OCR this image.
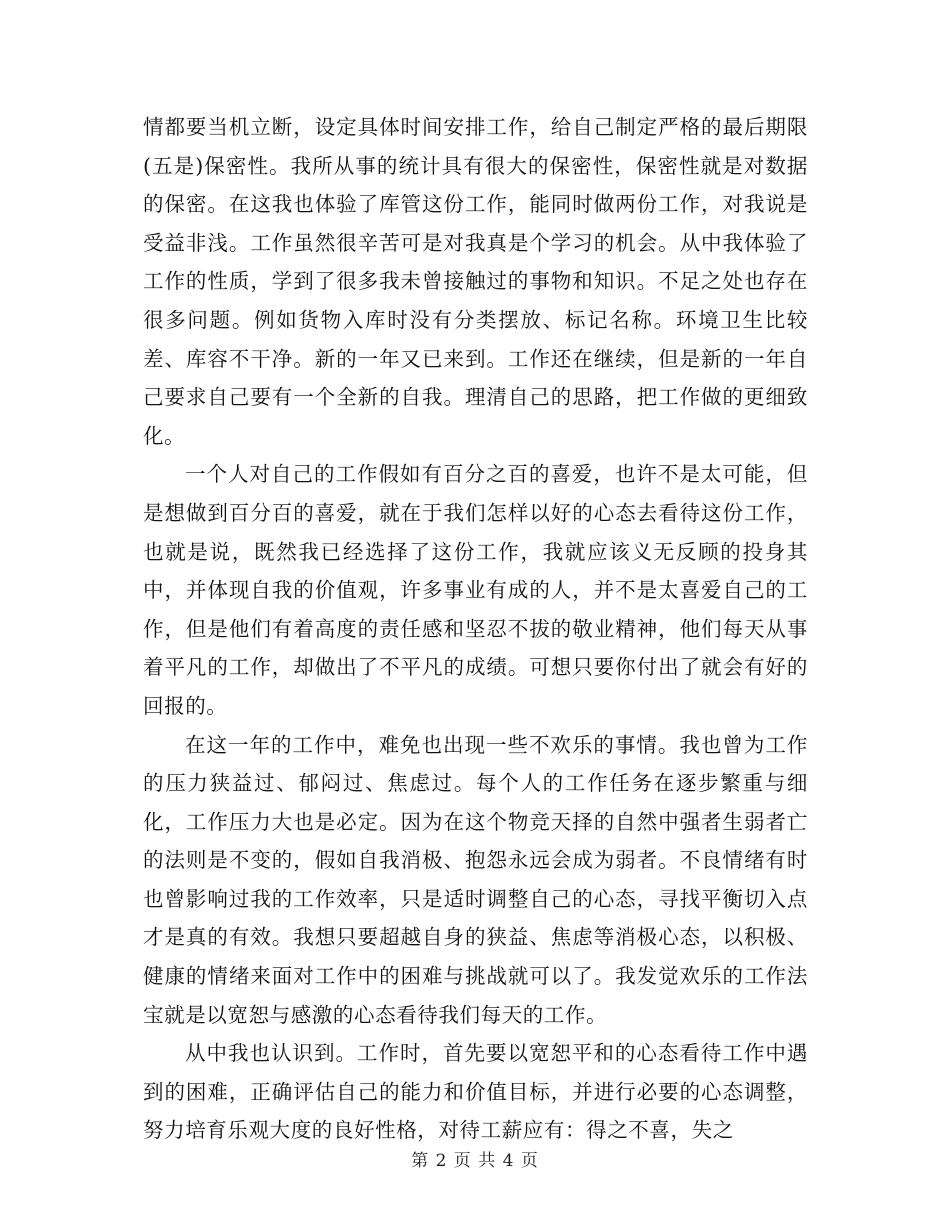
情都要当机立断，设定具体时间安排工作，给自己制定严格的最后期限(五是)保密性。我所从事的统计具有很大的保密性，保密性就是对数据的保密。在这我也体验了库管这份工作，能同时做两份工作，对我说是受益非浅。工作虽然很辛苦可是对我真是个学习的机会。从中我体验了工作的性质，学到了很多我未曾接触过的事物和知识。不足之处也存在很多问题。例如货物入库时没有分类摆放、标记名称。环境卫生比较差、库容不干净。新的一年又已来到。工作还在继续，但是新的一年自己要求自己要有一个全新的自我。理清自己的思路，把工作做的更细致化。

一个人对自己的工作假如有百分之百的喜爱，也许不是太可能，但是想做到百分百的喜爱，就在于我们怎样以好的心态去看待这份工作，也就是说，既然我已经选择了这份工作，我就应该义无反顾的投身其中，并体现自我的价值观，许多事业有成的人，并不是太喜爱自己的工作，但是他们有着高度的责任感和坚忍不拔的敬业精神，他们每天从事着平凡的工作，却做出了不平凡的成绩。可想只要你付出了就会有好的回报的。

在这一年的工作中，难免也出现一些不欢乐的事情。我也曾为工作的压力狭益过、郁闷过、焦虑过。每个人的工作任务在逐步繁重与细化，工作压力大也是必定。因为在这个物竞天择的自然中强者生弱者亡的法则是不变的，假如自我消极、抱怨永远会成为弱者。不良情绪有时也曾影响过我的工作效率，只是适时调整自己的心态，寻找平衡切入点才是真的有效。我想只要超越自身的狭益、焦虑等消极心态，以积极、健康的情绪来面对工作中的困难与挑战就可以了。我发觉欢乐的工作法宝就是以宽恕与感激的心态看待我们每天的工作。

从中我也认识到。工作时，首先要以宽恕平和的心态看待工作中遇到的困难，正确评估自己的能力和价值目标，并进行必要的心态调整，努力培育乐观大度的良好性格，对待工薪应有：得之不喜，失之

第 2 页 共 4 页
